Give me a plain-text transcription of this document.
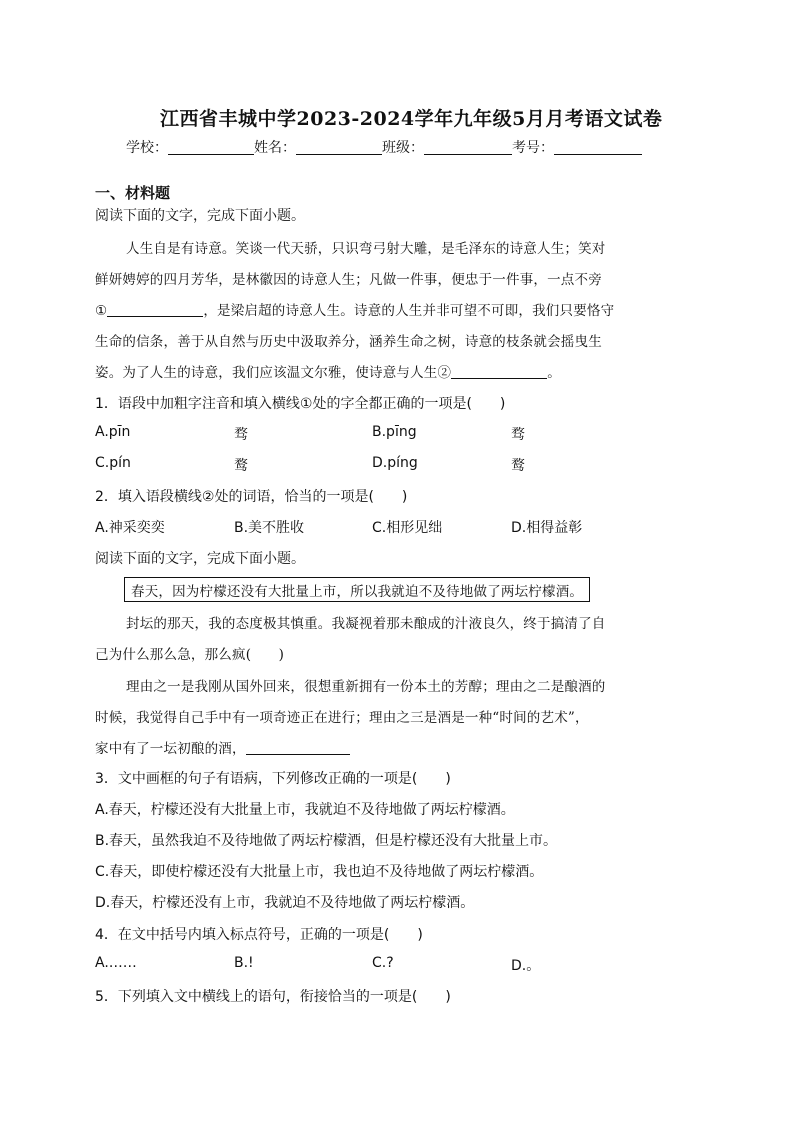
江西省丰城中学2023-2024学年九年级5月月考语文试卷
学校：	姓名：	班级：	考号：
一、材料题
阅读下面的文字，完成下面小题。
人生自是有诗意。笑谈一代天骄，只识弯弓射大雕，是毛泽东的诗意人生；笑对
鲜妍娉婷的四月芳华，是林徽因的诗意人生；凡做一件事，便忠于一件事，一点不旁
①	，是梁启超的诗意人生。诗意的人生并非可望不可即，我们只要恪守
生命的信条，善于从自然与历史中汲取养分，涵养生命之树，诗意的枝条就会摇曳生
姿。为了人生的诗意，我们应该温文尔雅，使诗意与人生②	。
1．语段中加粗字注音和填入横线①处的字全都正确的一项是(　　)
A.pīn	骛	B.pīng	骛
C.pín	鹜	D.píng	鹜
2．填入语段横线②处的词语，恰当的一项是(　　)
A.神采奕奕	B.美不胜收	C.相形见绌	D.相得益彰
阅读下面的文字，完成下面小题。
春天，因为柠檬还没有大批量上市，所以我就迫不及待地做了两坛柠檬酒。
封坛的那天，我的态度极其慎重。我凝视着那未酿成的汁液良久，终于搞清了自
己为什么那么急，那么疯(　　)
理由之一是我刚从国外回来，很想重新拥有一份本土的芳醇；理由之二是酿酒的
时候，我觉得自己手中有一项奇迹正在进行；理由之三是酒是一种“时间的艺术”，
家中有了一坛初酿的酒，
3．文中画框的句子有语病，下列修改正确的一项是(　　)
A.春天，柠檬还没有大批量上市，我就迫不及待地做了两坛柠檬酒。
B.春天，虽然我迫不及待地做了两坛柠檬酒，但是柠檬还没有大批量上市。
C.春天，即使柠檬还没有大批量上市，我也迫不及待地做了两坛柠檬酒。
D.春天，柠檬还没有上市，我就迫不及待地做了两坛柠檬酒。
4．在文中括号内填入标点符号，正确的一项是(　　)
A.……	B.!	C.?	D.。
5．下列填入文中横线上的语句，衔接恰当的一项是(　　)
